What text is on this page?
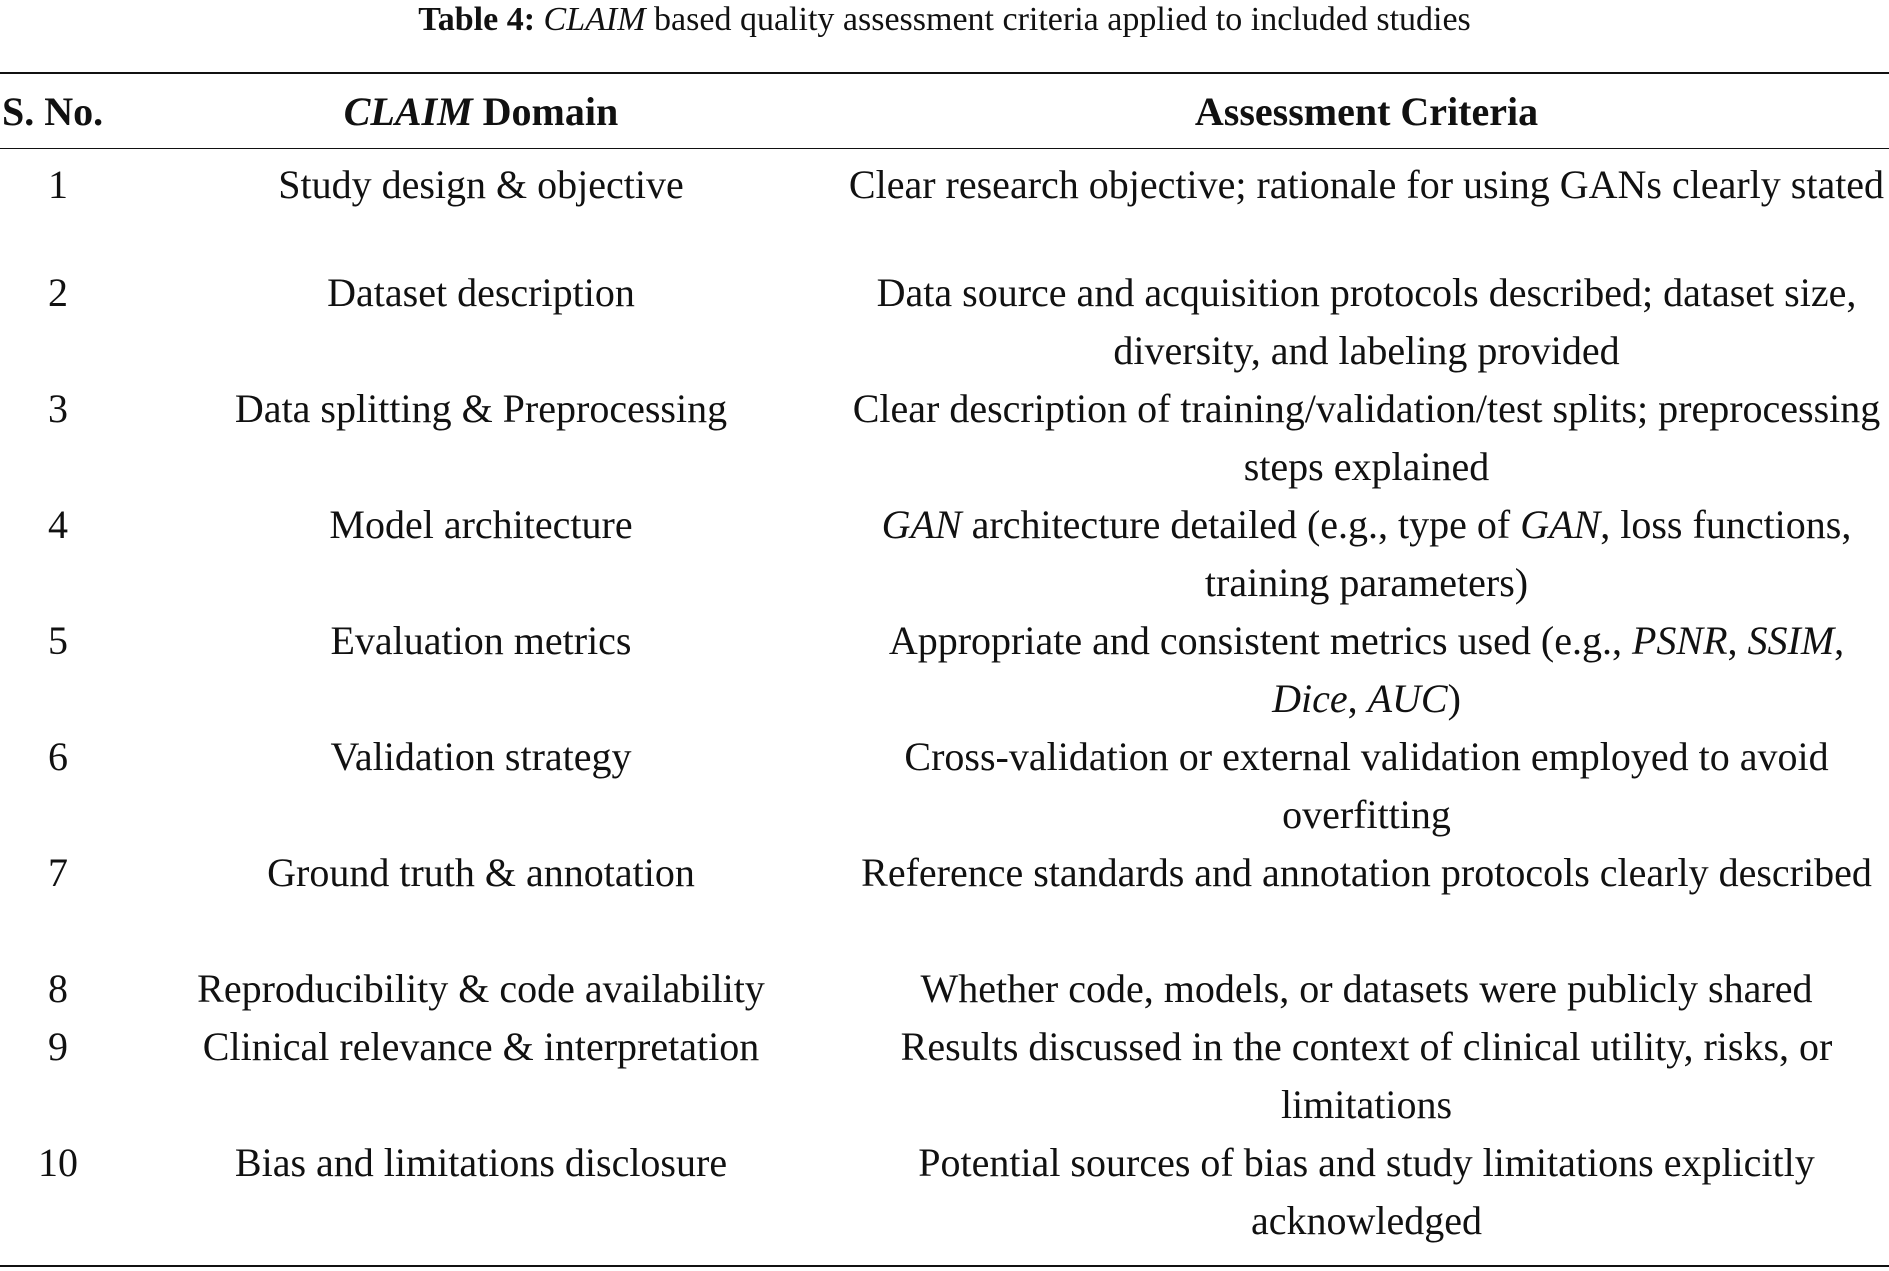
Table 4: CLAIM based quality assessment criteria applied to included studies
S. No.	CLAIM Domain	Assessment Criteria
1	Study design & objective	Clear research objective; rationale for using GANs clearly stated
2	Dataset description	Data source and acquisition protocols described; dataset size, diversity, and labeling provided
3	Data splitting & Preprocessing	Clear description of training/validation/test splits; preprocessing steps explained
4	Model architecture	GAN architecture detailed (e.g., type of GAN, loss functions, training parameters)
5	Evaluation metrics	Appropriate and consistent metrics used (e.g., PSNR, SSIM, Dice, AUC)
6	Validation strategy	Cross-validation or external validation employed to avoid overfitting
7	Ground truth & annotation	Reference standards and annotation protocols clearly described
8	Reproducibility & code availability	Whether code, models, or datasets were publicly shared
9	Clinical relevance & interpretation	Results discussed in the context of clinical utility, risks, or limitations
10	Bias and limitations disclosure	Potential sources of bias and study limitations explicitly acknowledged
